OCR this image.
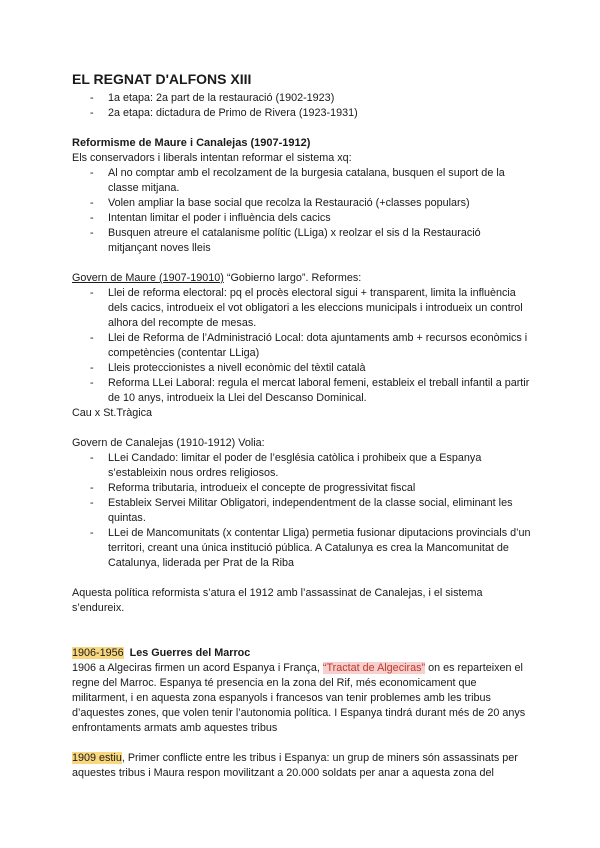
EL REGNAT D'ALFONS XIII
- 1a etapa: 2a part de la restauració (1902-1923)
- 2a etapa: dictadura de Primo de Rivera (1923-1931)
Reformisme de Maure i Canalejas (1907-1912)

Els conservadors i liberals intentan reformar el sistema xq:

- Al no comptar amb el recolzament de la burgesia catalana, busquen el suport de la classe mitjana.
- Volen ampliar la base social que recolza la Restauració (+classes populars)
- Intentan limitar el poder i influència dels cacics
- Busquen atreure el catalanisme polític (LLiga) x reolzar el sis d la Restauració mitjançant noves lleis

Govern de Maure (1907-19010) “Gobierno largo”. Reformes:

- Llei de reforma electoral: pq el procès electoral sigui + transparent, limita la influència dels cacics, introdueix el vot obligatori a les eleccions municipals i introdueix un control alhora del recompte de mesas.
- Llei de Reforma de l’Administració Local: dota ajuntaments amb + recursos econòmics i competències (contentar LLiga)
- Lleis proteccionistes a nivell econòmic del tèxtil català
- Reforma LLei Laboral: regula el mercat laboral femeni, estableix el treball infantil a partir de 10 anys, introdueix la Llei del Descanso Dominical.

Cau x St.Tràgica

Govern de Canalejas (1910-1912) Volia:

- LLei Candado: limitar el poder de l’església catòlica i prohibeix que a Espanya s’estableixin nous ordres religiosos.
- Reforma tributaria, introdueix el concepte de progressivitat fiscal
- Estableix Servei Militar Obligatori, independentment de la classe social, eliminant les quintas.
- LLei de Mancomunitats (x contentar Lliga) permetia fusionar diputacions provincials d’un territori, creant una única institució pública. A Catalunya es crea la Mancomunitat de Catalunya, liderada per Prat de la Riba

Aquesta política reformista s’atura el 1912 amb l’assassinat de Canalejas, i el sistema s’endureix.

1906-1956 Les Guerres del Marroc

1906 a Algeciras firmen un acord Espanya i França, “Tractat de Algeciras” on es reparteixen el regne del Marroc. Espanya té presencia en la zona del Rif, més economicament que militarment, i en aquesta zona espanyols i francesos van tenir problemes amb les tribus d’aquestes zones, que volen tenir l’autonomia política. I Espanya tindrá durant més de 20 anys enfrontaments armats amb aquestes tribus

1909 estiu, Primer conflicte entre les tribus i Espanya: un grup de miners són assassinats per aquestes tribus i Maura respon movilitzant a 20.000 soldats per anar a aquesta zona del
